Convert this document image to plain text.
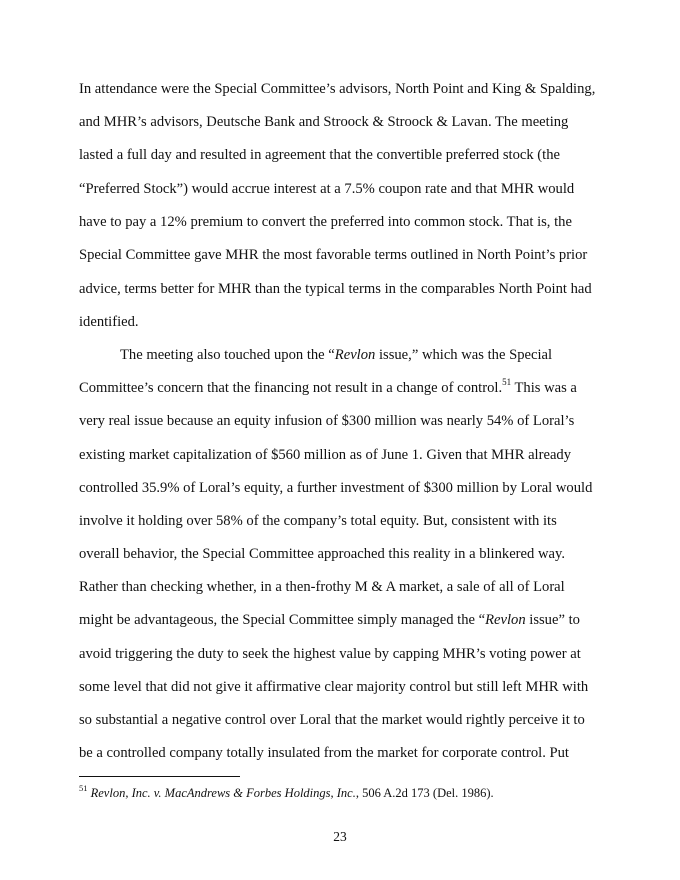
In attendance were the Special Committee’s advisors, North Point and King & Spalding,
and MHR’s advisors, Deutsche Bank and Stroock & Stroock & Lavan. The meeting
lasted a full day and resulted in agreement that the convertible preferred stock (the
“Preferred Stock”) would accrue interest at a 7.5% coupon rate and that MHR would
have to pay a 12% premium to convert the preferred into common stock. That is, the
Special Committee gave MHR the most favorable terms outlined in North Point’s prior
advice, terms better for MHR than the typical terms in the comparables North Point had
identified.
The meeting also touched upon the “Revlon issue,” which was the Special
Committee’s concern that the financing not result in a change of control.$^{51}$ This was a
very real issue because an equity infusion of $300 million was nearly 54% of Loral’s
existing market capitalization of $560 million as of June 1. Given that MHR already
controlled 35.9% of Loral’s equity, a further investment of $300 million by Loral would
involve it holding over 58% of the company’s total equity. But, consistent with its
overall behavior, the Special Committee approached this reality in a blinkered way.
Rather than checking whether, in a then-frothy M & A market, a sale of all of Loral
might be advantageous, the Special Committee simply managed the “Revlon issue” to
avoid triggering the duty to seek the highest value by capping MHR’s voting power at
some level that did not give it affirmative clear majority control but still left MHR with
so substantial a negative control over Loral that the market would rightly perceive it to
be a controlled company totally insulated from the market for corporate control. Put
$^{51}$ Revlon, Inc. v. MacAndrews & Forbes Holdings, Inc., 506 A.2d 173 (Del. 1986).
23
